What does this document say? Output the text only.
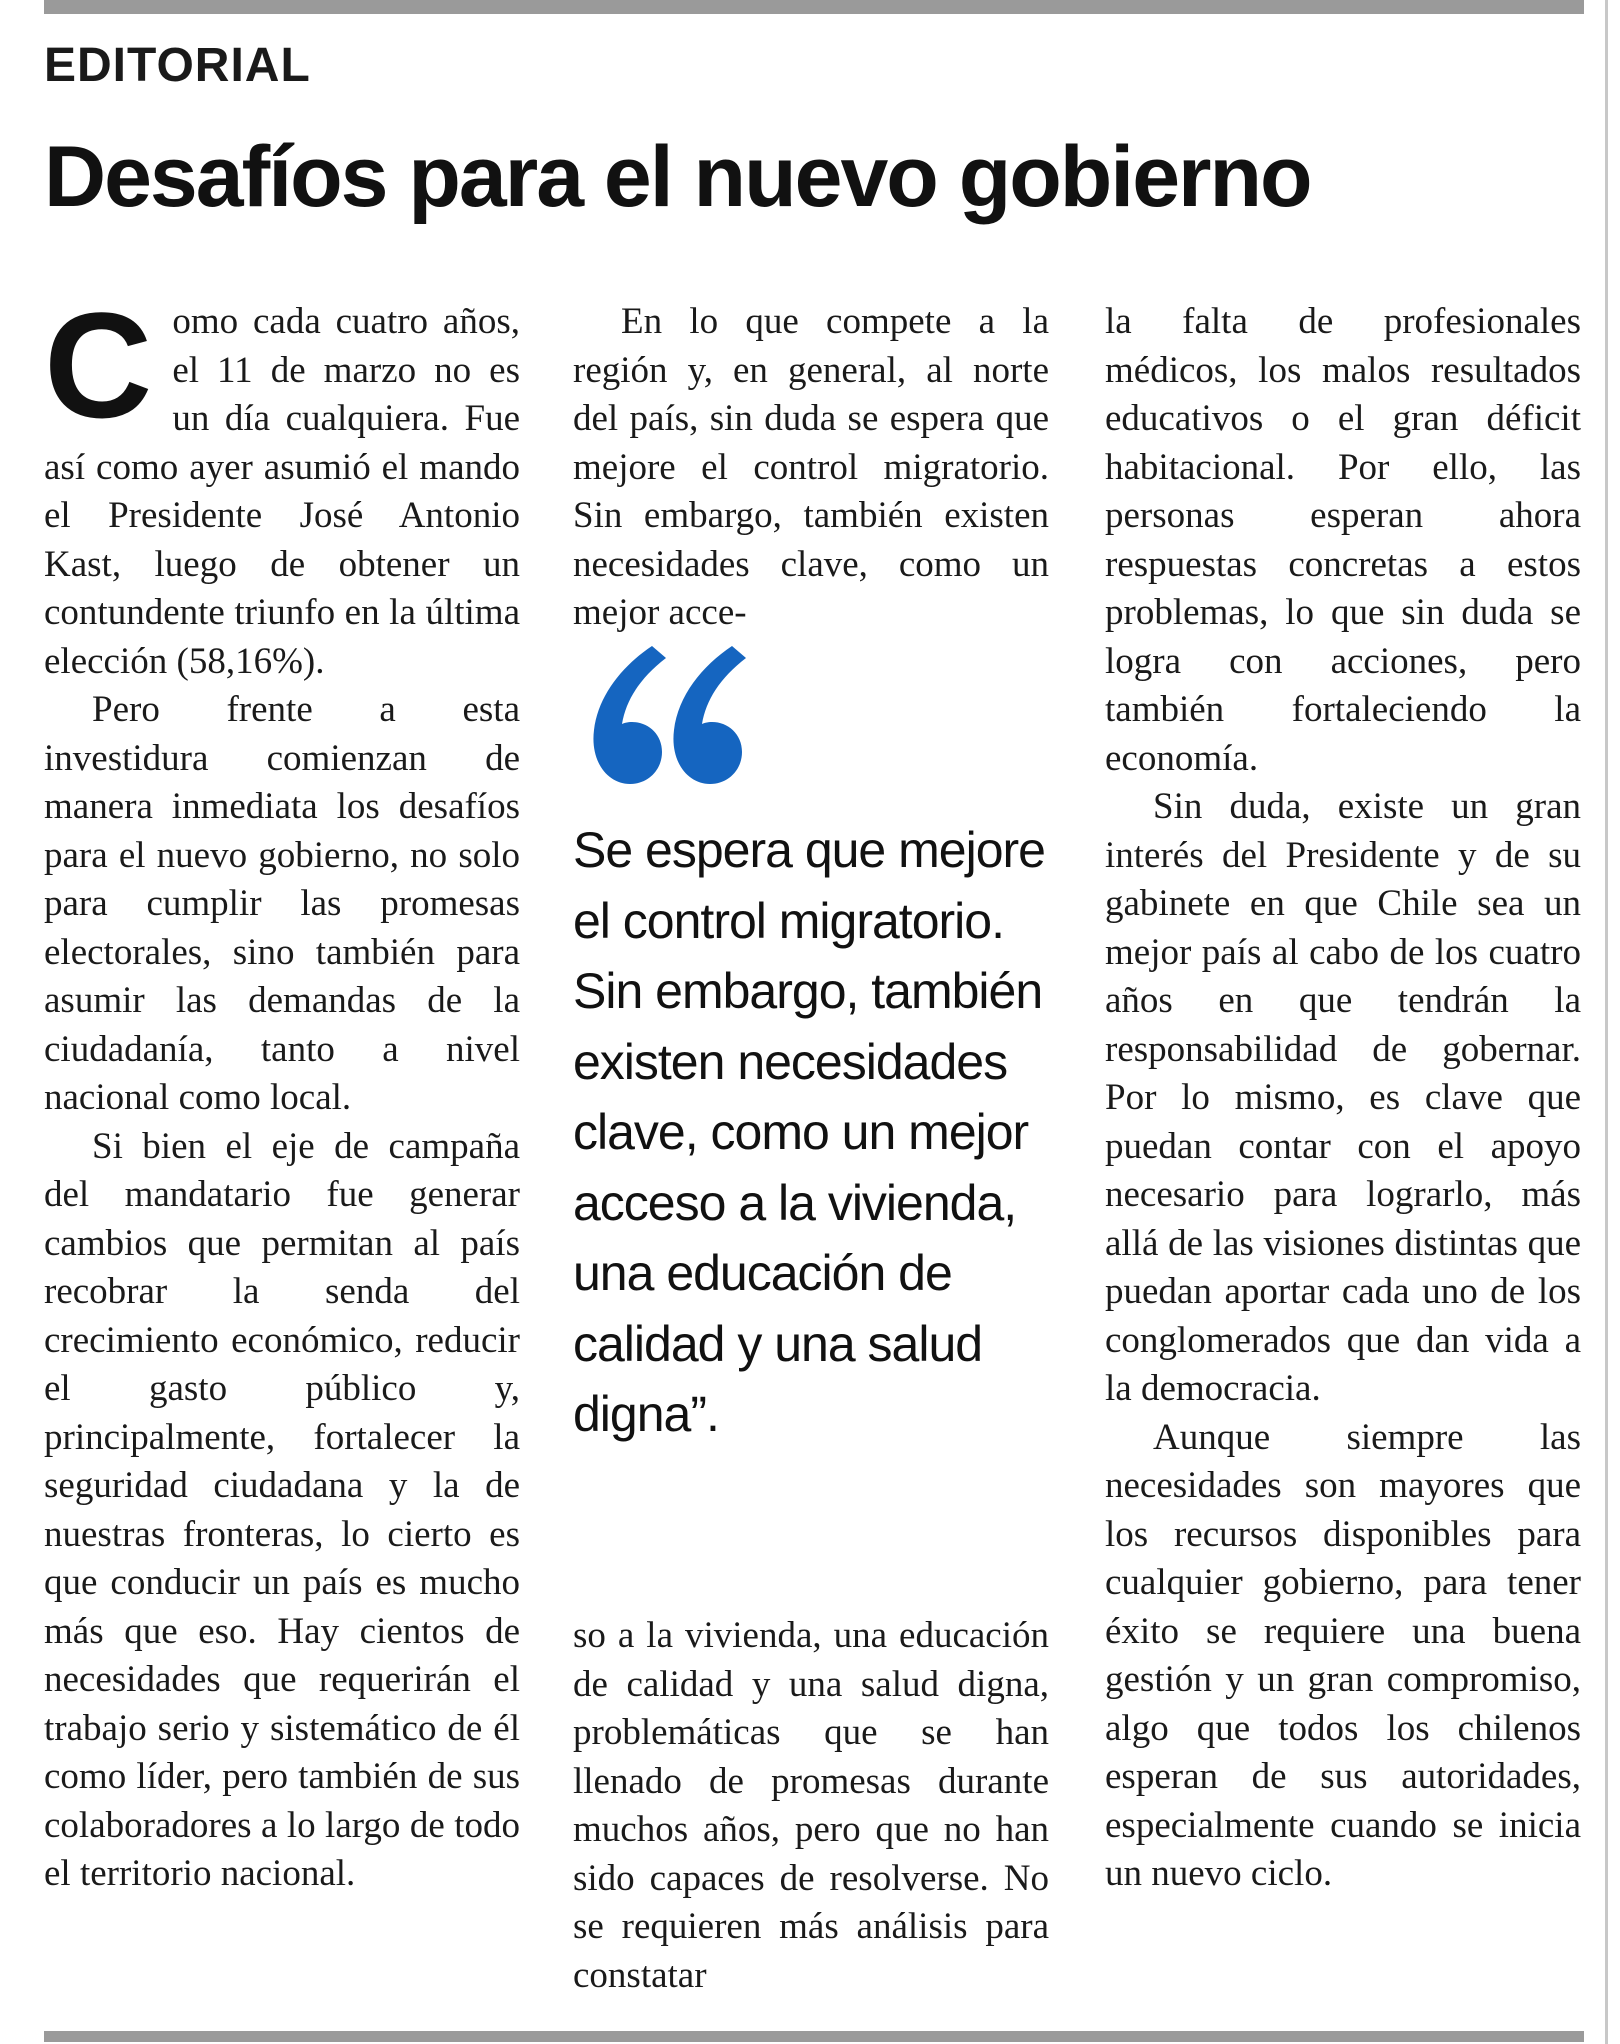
EDITORIAL
Desafíos para el nuevo gobierno
C omo cada cuatro años, el 11 de marzo no es un día cualquiera. Fue así como ayer asumió el mando el Presidente José Antonio Kast, luego de obtener un contundente triunfo en la última elección (58,16%).

Pero frente a esta investidura comienzan de manera inmediata los desafíos para el nuevo gobierno, no solo para cumplir las promesas electorales, sino también para asumir las demandas de la ciudadanía, tanto a nivel nacional como local.

Si bien el eje de campaña del mandatario fue generar cambios que permitan al país recobrar la senda del crecimiento económico, reducir el gasto público y, principalmente, fortalecer la seguridad ciudadana y la de nuestras fronteras, lo cierto es que conducir un país es mucho más que eso. Hay cientos de necesidades que requerirán el trabajo serio y sistemático de él como líder, pero también de sus colaboradores a lo largo de todo el territorio nacional.

En lo que compete a la región y, en general, al norte del país, sin duda se espera que mejore el control migratorio. Sin embargo, también existen necesidades clave, como un mejor acce-

Se espera que mejore el control migratorio. Sin embargo, también existen necesidades clave, como un mejor acceso a la vivienda, una educación de calidad y una salud digna”.

so a la vivienda, una educación de calidad y una salud digna, problemáticas que se han llenado de promesas durante muchos años, pero que no han sido capaces de resolverse. No se requieren más análisis para constatar

la falta de profesionales médicos, los malos resultados educativos o el gran déficit habitacional. Por ello, las personas esperan ahora respuestas concretas a estos problemas, lo que sin duda se logra con acciones, pero también fortaleciendo la economía.

Sin duda, existe un gran interés del Presidente y de su gabinete en que Chile sea un mejor país al cabo de los cuatro años en que tendrán la responsabilidad de gobernar. Por lo mismo, es clave que puedan contar con el apoyo necesario para lograrlo, más allá de las visiones distintas que puedan aportar cada uno de los conglomerados que dan vida a la democracia.

Aunque siempre las necesidades son mayores que los recursos disponibles para cualquier gobierno, para tener éxito se requiere una buena gestión y un gran compromiso, algo que todos los chilenos esperan de sus autoridades, especialmente cuando se inicia un nuevo ciclo.
